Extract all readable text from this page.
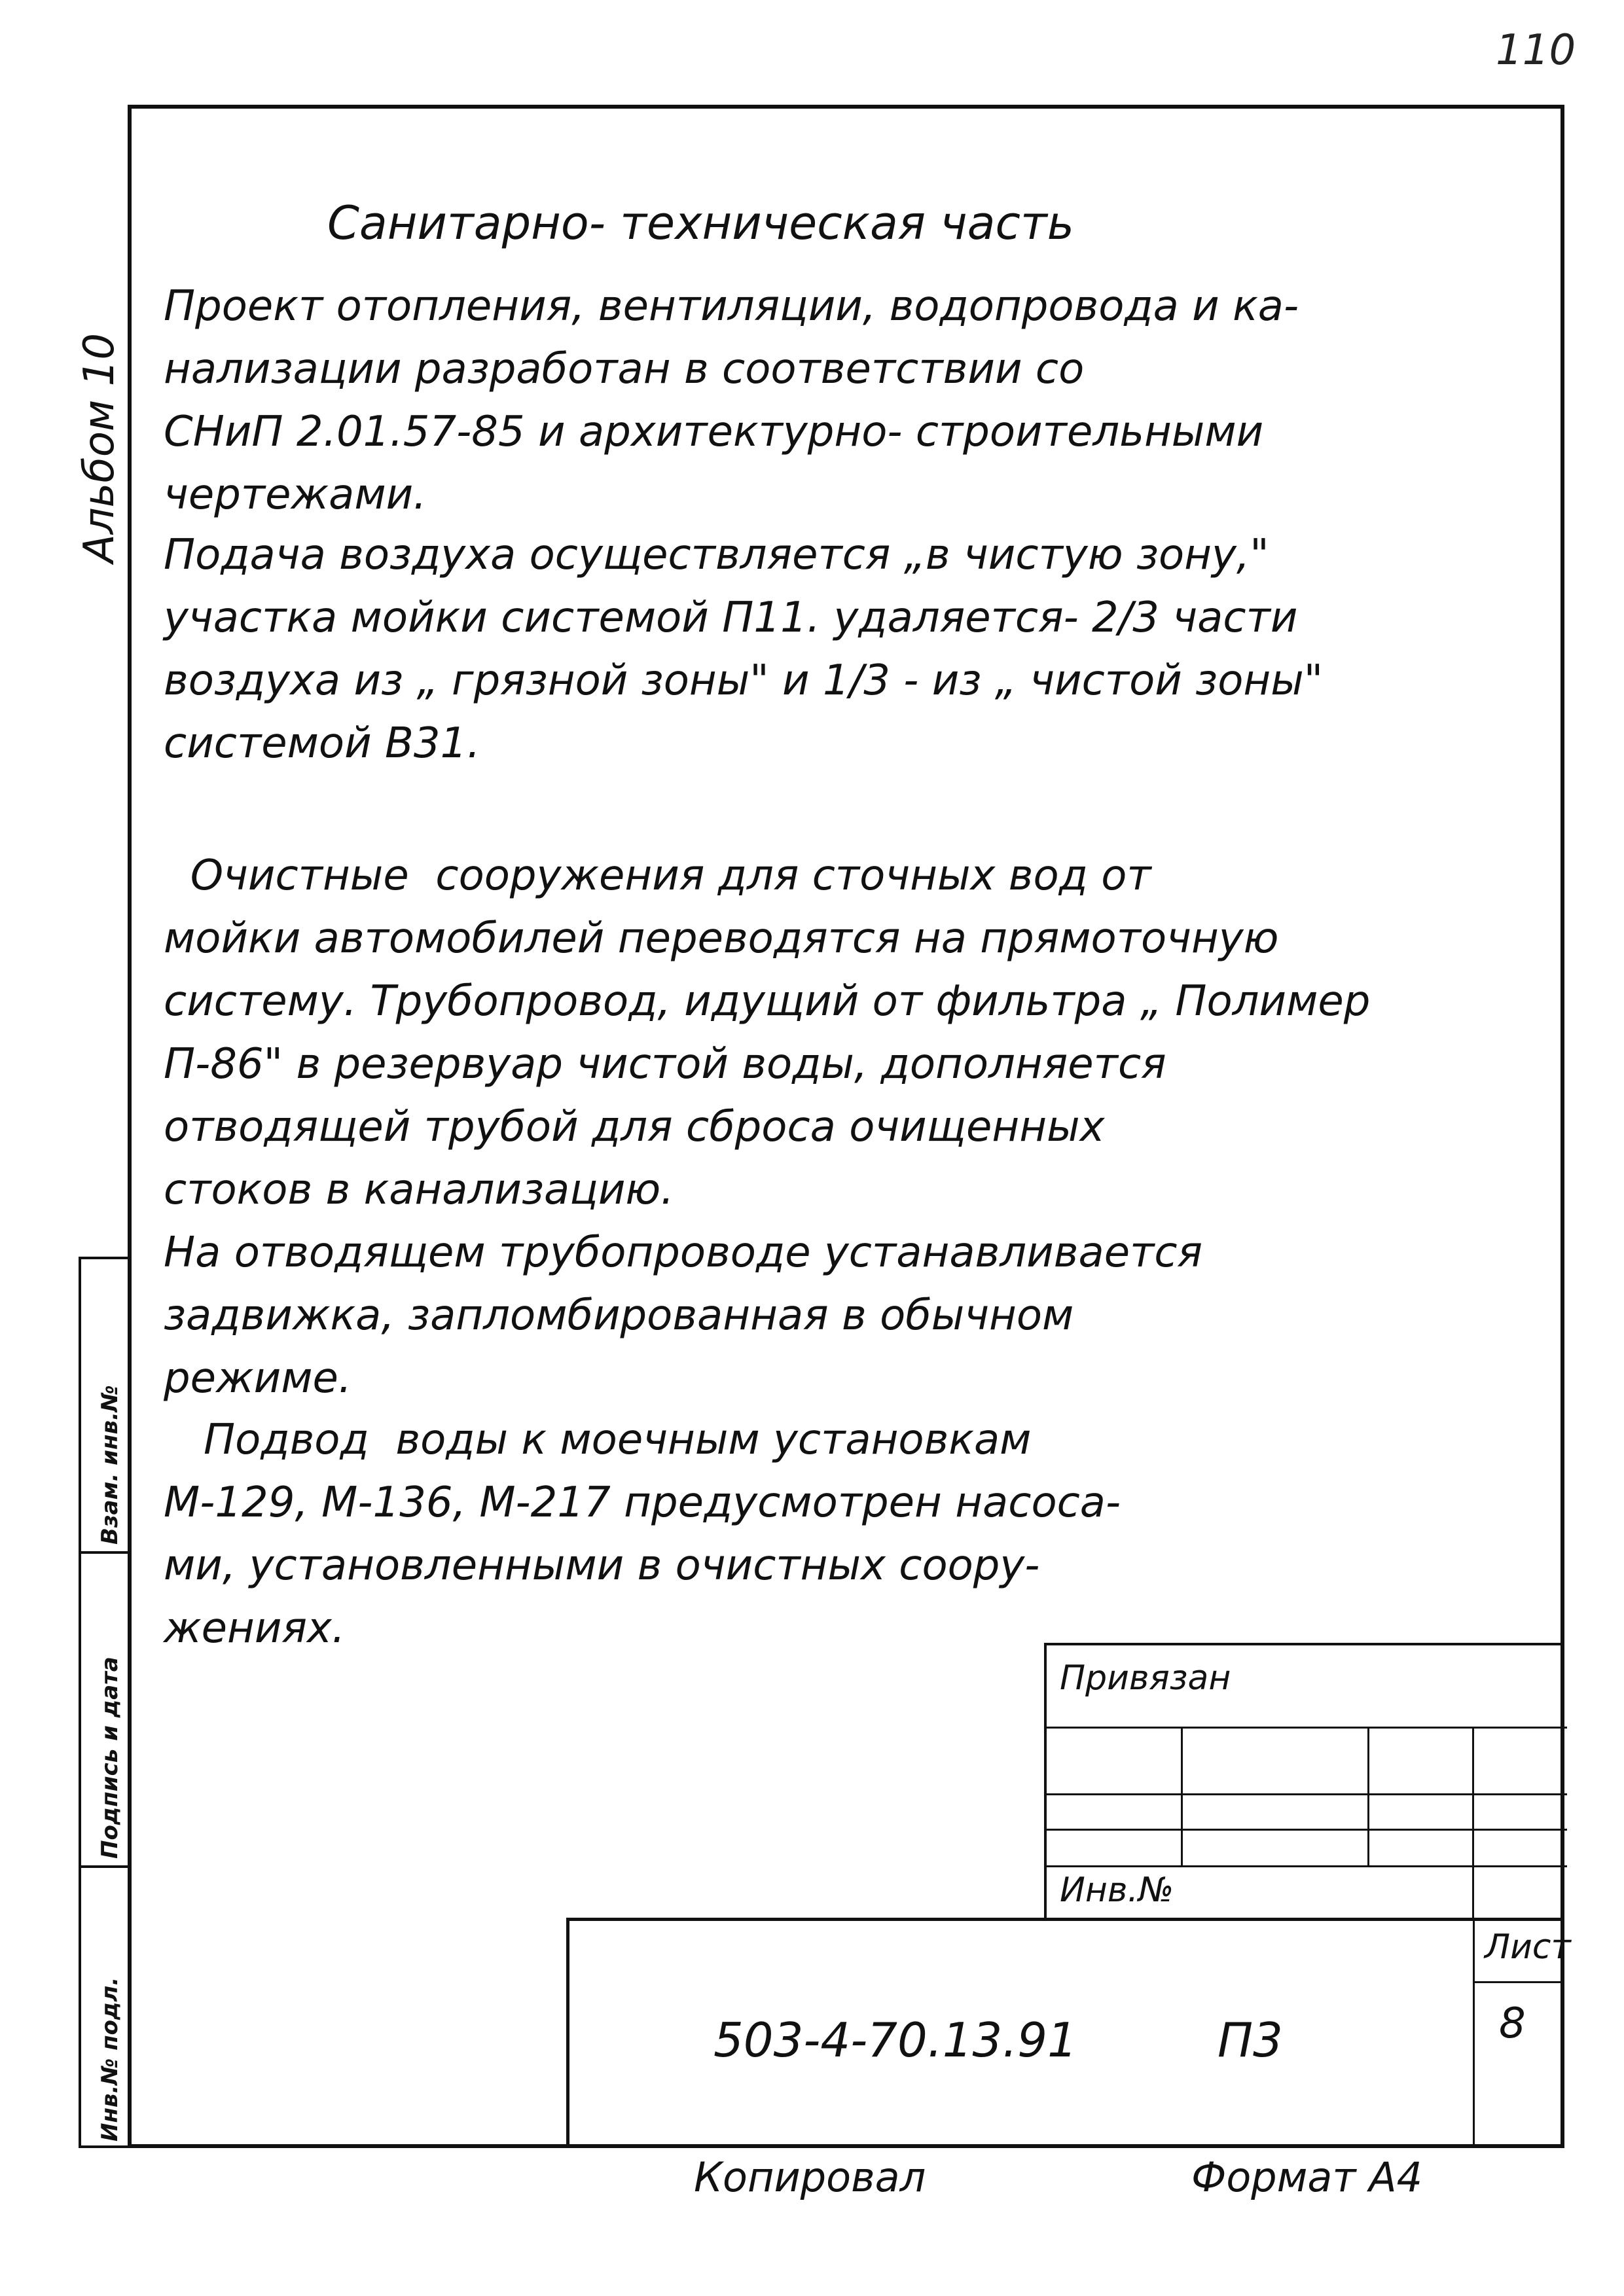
110
Альбом 10
Санитарно- техническая часть
Проект отопления, вентиляции, водопровода и ка-
нализации разработан в соответствии со
СНиП 2.01.57-85 и архитектурно- строительными
чертежами.
Подача воздуха осуществляется „в чистую зону,"
участка мойки системой П11. удаляется- 2/3 части
воздуха из „ грязной зоны" и 1/3 - из „ чистой зоны"
системой В31.
Очистные  сооружения для сточных вод от
мойки автомобилей переводятся на прямоточную
систему. Трубопровод, идущий от фильтра „ Полимер
П-86" в резервуар чистой воды, дополняется
отводящей трубой для сброса очищенных
стоков в канализацию.
На отводящем трубопроводе устанавливается
задвижка, запломбированная в обычном
режиме.
Подвод  воды к моечным установкам
М-129, М-136, М-217 предусмотрен насоса-
ми, установленными в очистных соору-
жениях.
Взам. инв.№
Подпись и дата
Инв.№ подл.
Привязан
Инв.№
Лист
8
503-4-70.13.91	П3
Копировал	Формат А4
